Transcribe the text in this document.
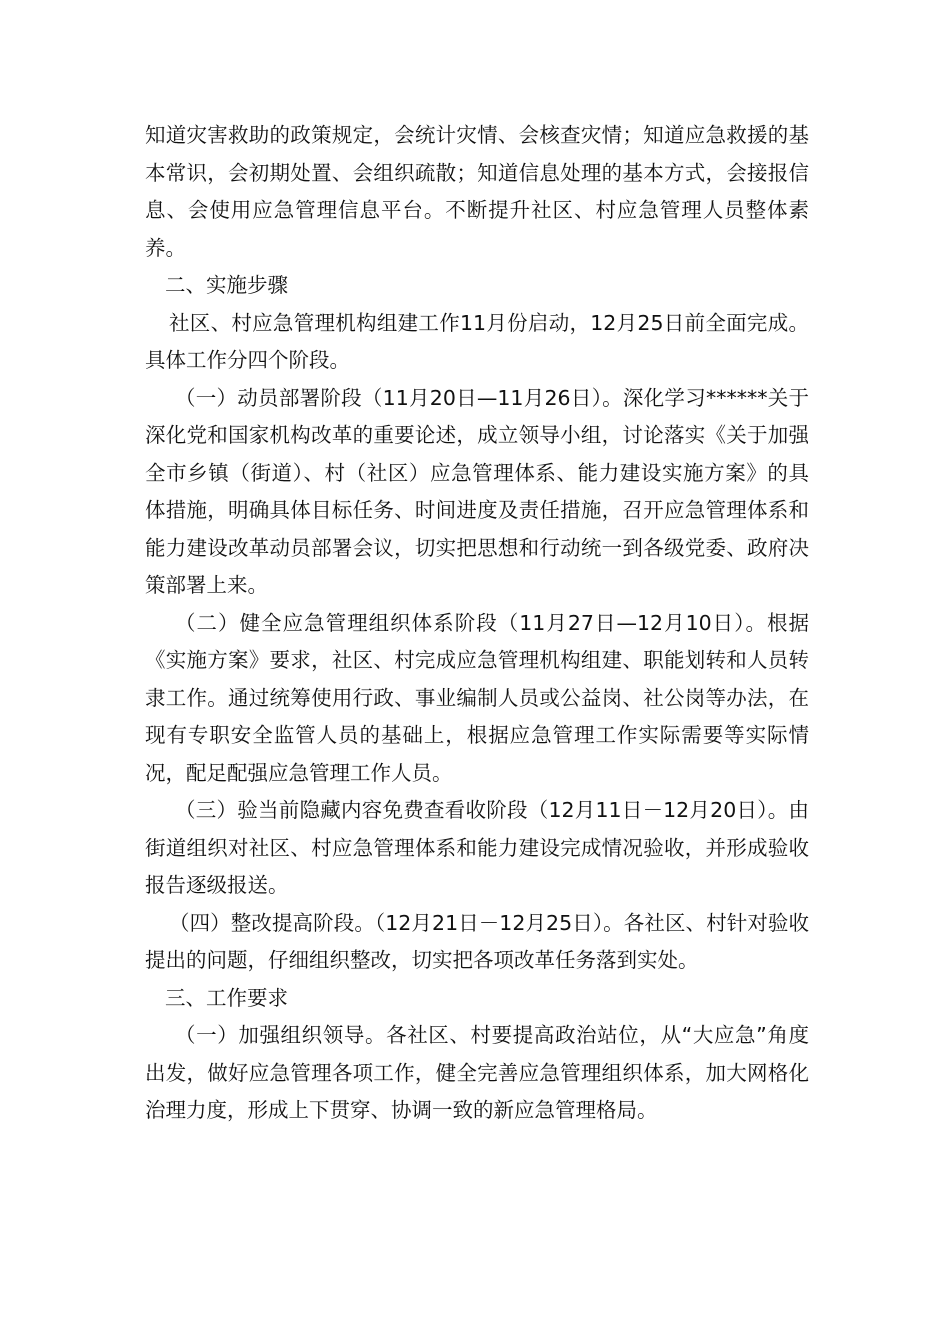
知道灾害救助的政策规定，会统计灾情、会核查灾情；知道应急救援的基本常识，会初期处置、会组织疏散；知道信息处理的基本方式，会接报信息、会使用应急管理信息平台。不断提升社区、村应急管理人员整体素养。

二、实施步骤

社区、村应急管理机构组建工作11月份启动，12月25日前全面完成。具体工作分四个阶段。

（一）动员部署阶段（11月20日—11月26日）。深化学习******关于深化党和国家机构改革的重要论述，成立领导小组，讨论落实《关于加强全市乡镇（街道）、村（社区）应急管理体系、能力建设实施方案》的具体措施，明确具体目标任务、时间进度及责任措施，召开应急管理体系和能力建设改革动员部署会议，切实把思想和行动统一到各级党委、政府决策部署上来。

（二）健全应急管理组织体系阶段（11月27日—12月10日）。根据《实施方案》要求，社区、村完成应急管理机构组建、职能划转和人员转隶工作。通过统筹使用行政、事业编制人员或公益岗、社公岗等办法，在现有专职安全监管人员的基础上，根据应急管理工作实际需要等实际情况，配足配强应急管理工作人员。

（三）验当前隐藏内容免费查看收阶段（12月11日－12月20日）。由街道组织对社区、村应急管理体系和能力建设完成情况验收，并形成验收报告逐级报送。

（四）整改提高阶段。（12月21日－12月25日）。各社区、村针对验收提出的问题，仔细组织整改，切实把各项改革任务落到实处。

三、工作要求

（一）加强组织领导。各社区、村要提高政治站位，从“大应急”角度出发，做好应急管理各项工作，健全完善应急管理组织体系，加大网格化治理力度，形成上下贯穿、协调一致的新应急管理格局。
